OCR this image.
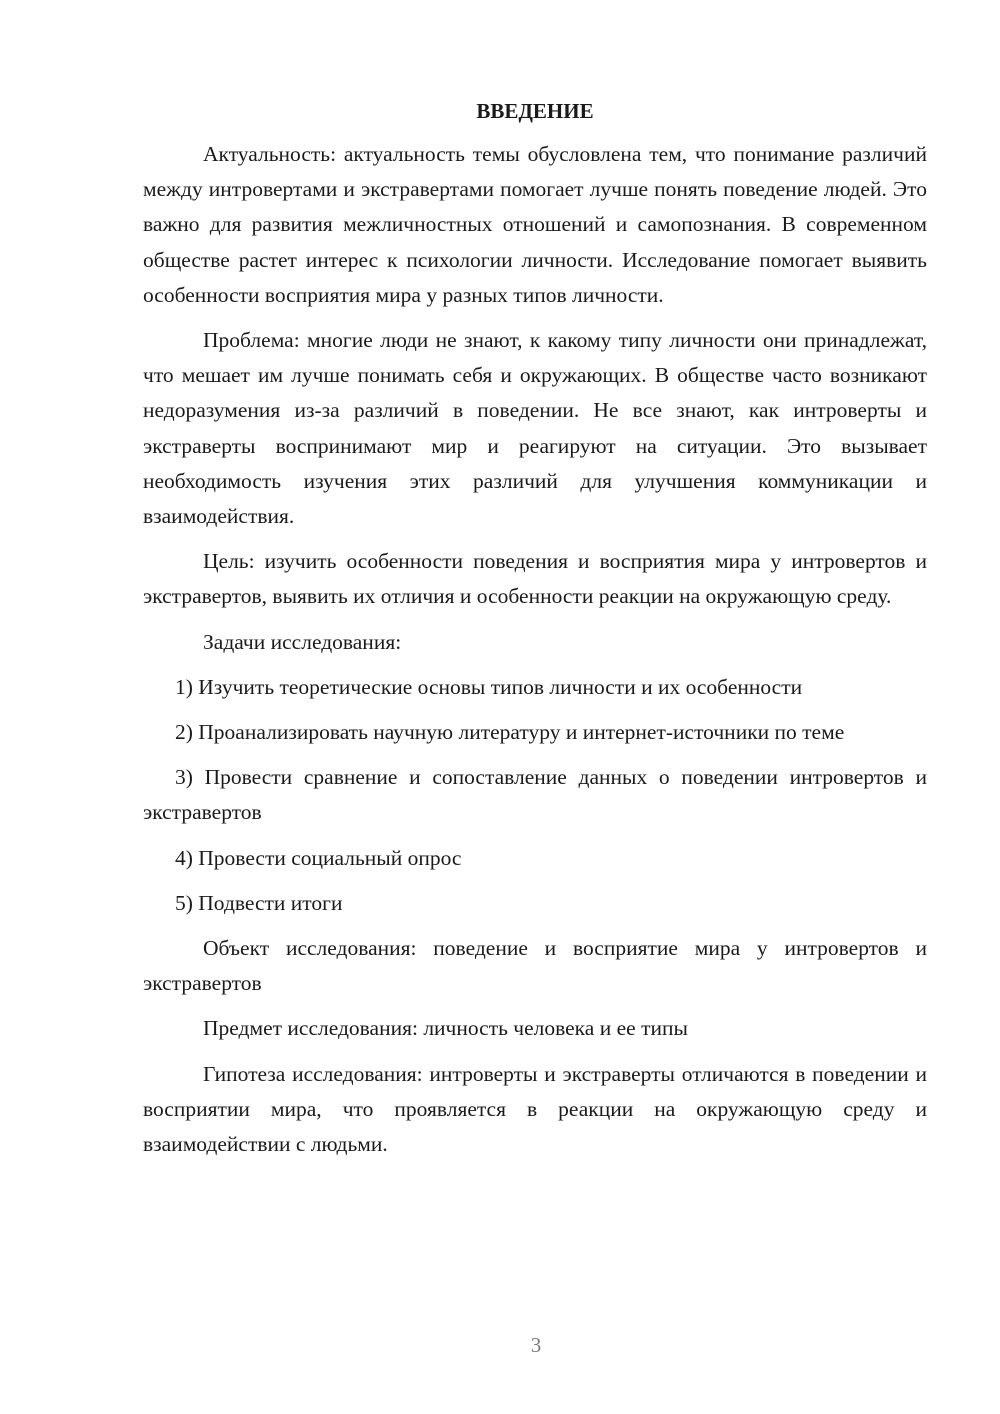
ВВЕДЕНИЕ

Актуальность: актуальность темы обусловлена тем, что понимание различий между интровертами и экстравертами помогает лучше понять поведение людей. Это важно для развития межличностных отношений и самопознания. В современном обществе растет интерес к психологии личности. Исследование помогает выявить особенности восприятия мира у разных типов личности.

Проблема: многие люди не знают, к какому типу личности они принадлежат, что мешает им лучше понимать себя и окружающих. В обществе часто возникают недоразумения из-за различий в поведении. Не все знают, как интроверты и экстраверты воспринимают мир и реагируют на ситуации. Это вызывает необходимость изучения этих различий для улучшения коммуникации и взаимодействия.

Цель: изучить особенности поведения и восприятия мира у интровертов и экстравертов, выявить их отличия и особенности реакции на окружающую среду.

Задачи исследования:

1) Изучить теоретические основы типов личности и их особенности

2) Проанализировать научную литературу и интернет-источники по теме

3) Провести сравнение и сопоставление данных о поведении интровертов и экстравертов

4) Провести социальный опрос

5) Подвести итоги

Объект исследования: поведение и восприятие мира у интровертов и экстравертов

Предмет исследования: личность человека и ее типы

Гипотеза исследования: интроверты и экстраверты отличаются в поведении и восприятии мира, что проявляется в реакции на окружающую среду и взаимодействии с людьми.

3
